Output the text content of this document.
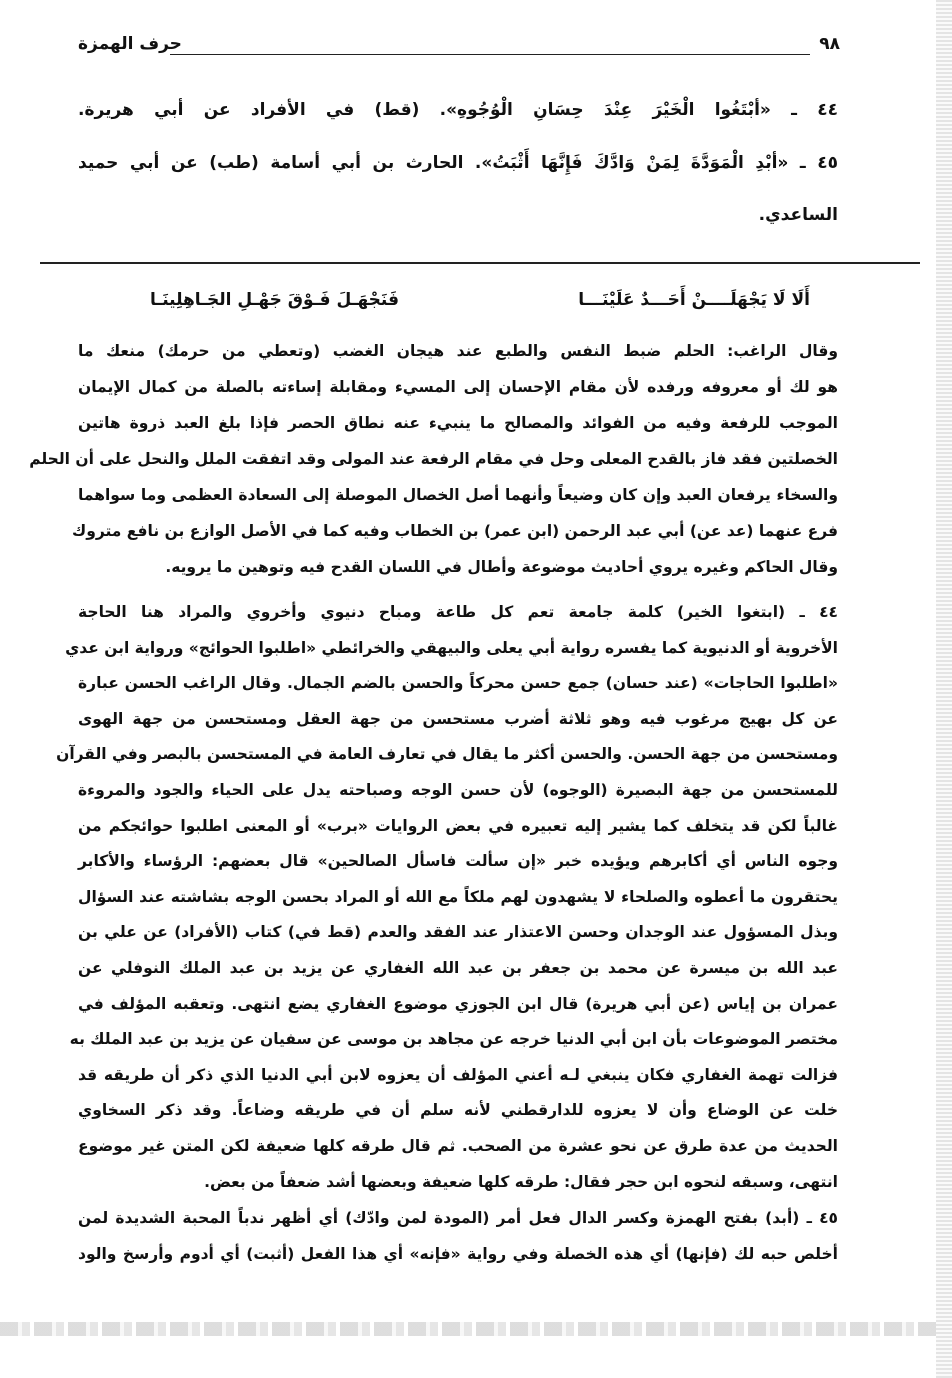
٩٨
حرف الهمزة
أَلَا لَا يَجْهَلَــــنْ أَحَـــدٌ عَلَيْنَـــا
فَنَجْهَـلَ فَـوْقَ جَهْـلِ الجَـاهِلِينَـا
٤٤ ـ «أبْتَغُوا الْخَيْرَ عِنْدَ حِسَانِ الْوُجُوهِ». (قط) في الأفراد عن أبي هريرة.
٤٥ ـ «أبْدِ الْمَوَدَّةَ لِمَنْ وَادَّكَ فَإِنَّهَا أَثْبَتُ». الحارث بن أبي أسامة (طب) عن أبي حميد
الساعدي.
وقال الراغب: الحلم ضبط النفس والطبع عند هيجان الغضب (وتعطي من حرمك) منعك ما
هو لك أو معروفه ورفده لأن مقام الإحسان إلى المسيء ومقابلة إساءته بالصلة من كمال الإيمان
الموجب للرفعة وفيه من الفوائد والمصالح ما ينبيء عنه نطاق الحصر فإذا بلغ العبد ذروة هاتين
الخصلتين فقد فاز بالقدح المعلى وحل في مقام الرفعة عند المولى وقد اتفقت الملل والنحل على أن الحلم
والسخاء يرفعان العبد وإن كان وضيعاً وأنهما أصل الخصال الموصلة إلى السعادة العظمى وما سواهما
فرع عنهما (عد عن) أبي عبد الرحمن (ابن عمر) بن الخطاب وفيه كما في الأصل الوازع بن نافع متروك
وقال الحاكم وغيره يروي أحاديث موضوعة وأطال في اللسان القدح فيه وتوهين ما يرويه.
٤٤ ـ (ابتغوا الخير) كلمة جامعة تعم كل طاعة ومباح دنيوي وأخروي والمراد هنا الحاجة
الأخروية أو الدنيوية كما يفسره رواية أبي يعلى والبيهقي والخرائطي «اطلبوا الحوائج» ورواية ابن عدي
«اطلبوا الحاجات» (عند حسان) جمع حسن محركاً والحسن بالضم الجمال. وقال الراغب الحسن عبارة
عن كل بهيج مرغوب فيه وهو ثلاثة أضرب مستحسن من جهة العقل ومستحسن من جهة الهوى
ومستحسن من جهة الحسن. والحسن أكثر ما يقال في تعارف العامة في المستحسن بالبصر وفي القرآن
للمستحسن من جهة البصيرة (الوجوه) لأن حسن الوجه وصباحته يدل على الحياء والجود والمروءة
غالباً لكن قد يتخلف كما يشير إليه تعبيره في بعض الروايات «برب» أو المعنى اطلبوا حوائجكم من
وجوه الناس أي أكابرهم ويؤيده خبر «إن سألت فاسأل الصالحين» قال بعضهم: الرؤساء والأكابر
يحتقرون ما أعطوه والصلحاء لا يشهدون لهم ملكاً مع الله أو المراد بحسن الوجه بشاشته عند السؤال
وبذل المسؤول عند الوجدان وحسن الاعتذار عند الفقد والعدم (قط في) كتاب (الأفراد) عن علي بن
عبد الله بن ميسرة عن محمد بن جعفر بن عبد الله الغفاري عن يزيد بن عبد الملك النوفلي عن
عمران بن إياس (عن أبي هريرة) قال ابن الجوزي موضوع الغفاري يضع انتهى. وتعقبه المؤلف في
مختصر الموضوعات بأن ابن أبي الدنيا خرجه عن مجاهد بن موسى عن سفيان عن يزيد بن عبد الملك به
فزالت تهمة الغفاري فكان ينبغي لـه أعني المؤلف أن يعزوه لابن أبي الدنيا الذي ذكر أن طريقه قد
خلت عن الوضاع وأن لا يعزوه للدارقطني لأنه سلم أن في طريقه وضاعاً. وقد ذكر السخاوي
الحديث من عدة طرق عن نحو عشرة من الصحب. ثم قال طرقه كلها ضعيفة لكن المتن غير موضوع
انتهى، وسبقه لنحوه ابن حجر فقال: طرقه كلها ضعيفة وبعضها أشد ضعفاً من بعض.
٤٥ ـ (أبد) بفتح الهمزة وكسر الدال فعل أمر (المودة لمن وادّك) أي أظهر ندباً المحبة الشديدة لمن
أخلص حبه لك (فإنها) أي هذه الخصلة وفي رواية «فإنه» أي هذا الفعل (أثبت) أي أدوم وأرسخ والود
